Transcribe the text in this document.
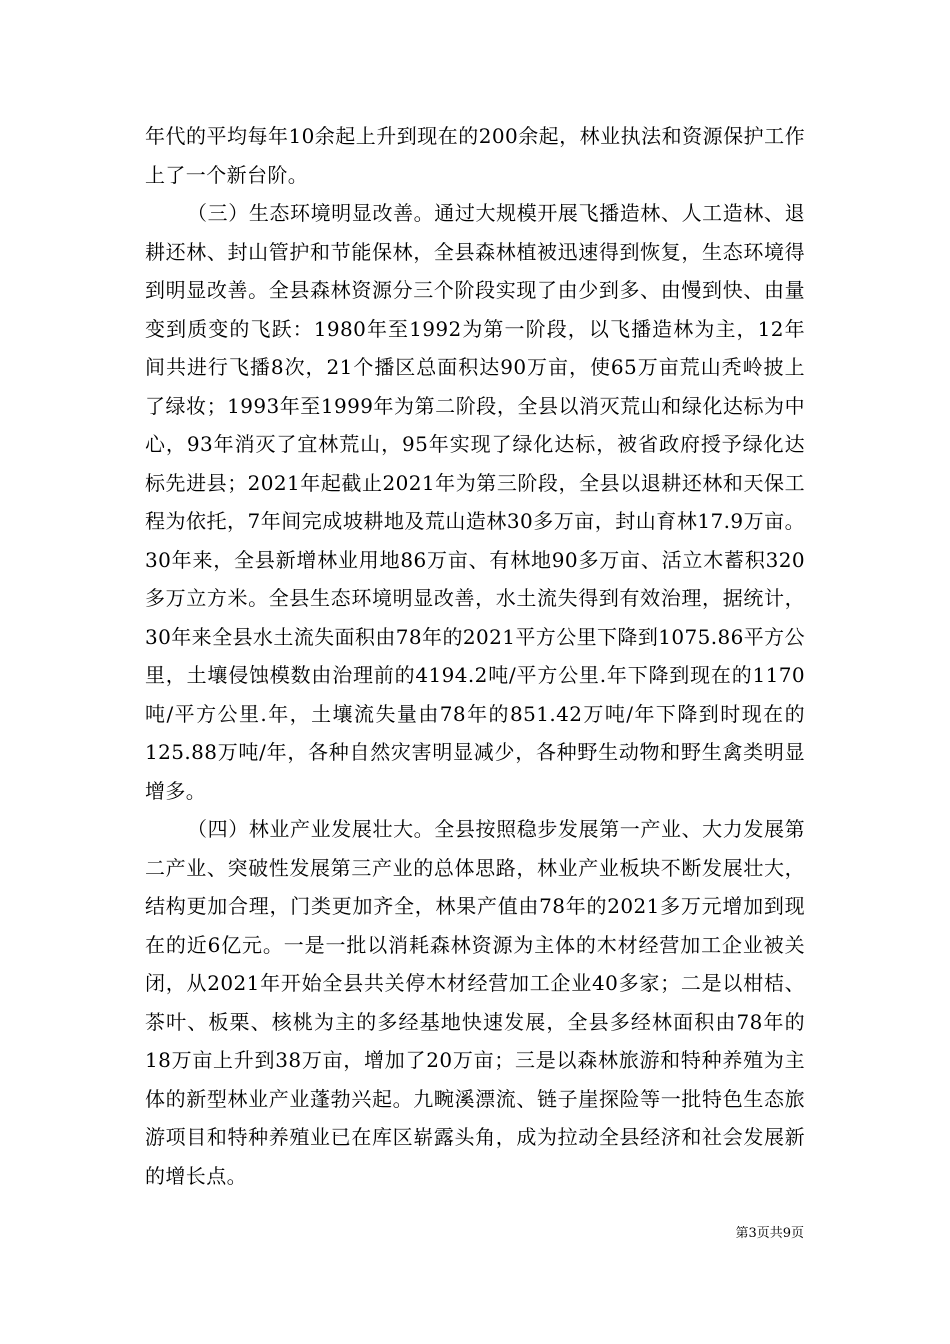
年代的平均每年10余起上升到现在的200余起，林业执法和资源保护工作上了一个新台阶。

（三）生态环境明显改善。通过大规模开展飞播造林、人工造林、退耕还林、封山管护和节能保林，全县森林植被迅速得到恢复，生态环境得到明显改善。全县森林资源分三个阶段实现了由少到多、由慢到快、由量变到质变的飞跃：1980年至1992为第一阶段，以飞播造林为主，12年间共进行飞播8次，21个播区总面积达90万亩，使65万亩荒山秃岭披上了绿妆；1993年至1999年为第二阶段，全县以消灭荒山和绿化达标为中心，93年消灭了宜林荒山，95年实现了绿化达标，被省政府授予绿化达标先进县；2021年起截止2021年为第三阶段，全县以退耕还林和天保工程为依托，7年间完成坡耕地及荒山造林30多万亩，封山育林17.9万亩。30年来，全县新增林业用地86万亩、有林地90多万亩、活立木蓄积320多万立方米。全县生态环境明显改善，水土流失得到有效治理，据统计，30年来全县水土流失面积由78年的2021平方公里下降到1075.86平方公里，土壤侵蚀模数由治理前的4194.2吨/平方公里.年下降到现在的1170吨/平方公里.年，土壤流失量由78年的851.42万吨/年下降到时现在的125.88万吨/年，各种自然灾害明显减少，各种野生动物和野生禽类明显增多。

（四）林业产业发展壮大。全县按照稳步发展第一产业、大力发展第二产业、突破性发展第三产业的总体思路，林业产业板块不断发展壮大，结构更加合理，门类更加齐全，林果产值由78年的2021多万元增加到现在的近6亿元。一是一批以消耗森林资源为主体的木材经营加工企业被关闭，从2021年开始全县共关停木材经营加工企业40多家；二是以柑桔、茶叶、板栗、核桃为主的多经基地快速发展，全县多经林面积由78年的18万亩上升到38万亩，增加了20万亩；三是以森林旅游和特种养殖为主体的新型林业产业蓬勃兴起。九畹溪漂流、链子崖探险等一批特色生态旅游项目和特种养殖业已在库区崭露头角，成为拉动全县经济和社会发展新的增长点。

第3页共9页
